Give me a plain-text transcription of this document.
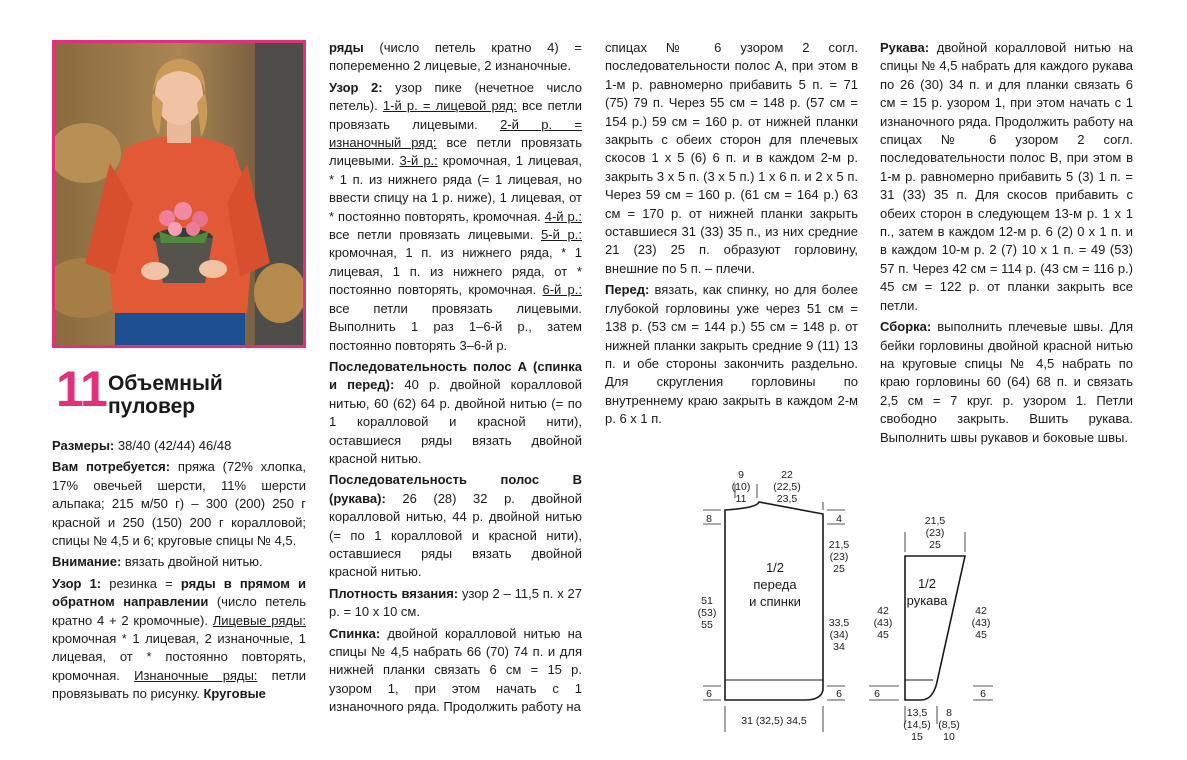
11 Объемный пуловер

Размеры: 38/40 (42/44) 46/48

Вам потребуется: пряжа (72% хлопка, 17% овечьей шерсти, 11% шерсти альпака; 215 м/50 г) – 300 (200) 250 г красной и 250 (150) 200 г коралловой; спицы № 4,5 и 6; круговые спицы № 4,5.

Внимание: вязать двойной нитью.

Узор 1: резинка = ряды в прямом и обратном направлении (число петель кратно 4 + 2 кромочные). Лицевые ряды: кромочная * 1 лицевая, 2 изнаночные, 1 лицевая, от * постоянно повторять, кромочная. Изнаночные ряды: петли провязывать по рисунку. Круговые

ряды (число петель кратно 4) = попеременно 2 лицевые, 2 изнаночные.

Узор 2: узор пике (нечетное число петель). 1-й р. = лицевой ряд: все петли провязать лицевыми. 2-й р. = изнаночный ряд: все петли провязать лицевыми. 3-й р.: кромочная, 1 лицевая, * 1 п. из нижнего ряда (= 1 лицевая, но ввести спицу на 1 р. ниже), 1 лицевая, от * постоянно повторять, кромочная. 4-й р.: все петли провязать лицевыми. 5-й р.: кромочная, 1 п. из нижнего ряда, * 1 лицевая, 1 п. из нижнего ряда, от * постоянно повторять, кромочная. 6-й р.: все петли провязать лицевыми. Выполнить 1 раз 1–6-й р., затем постоянно повторять 3–6-й р.

Последовательность полос А (спинка и перед): 40 р. двойной коралловой нитью, 60 (62) 64 р. двойной нитью (= по 1 коралловой и красной нити), оставшиеся ряды вязать двойной красной нитью.

Последовательность полос В (рукава): 26 (28) 32 р. двойной коралловой нитью, 44 р. двойной нитью (= по 1 коралловой и красной нити), оставшиеся ряды вязать двойной красной нитью.

Плотность вязания: узор 2 – 11,5 п. х 27 р. = 10 х 10 см.

Спинка: двойной коралловой нитью на спицы № 4,5 набрать 66 (70) 74 п. и для нижней планки связать 6 см = 15 р. узором 1, при этом начать с 1 изнаночного ряда. Продолжить работу на

спицах № 6 узором 2 согл. последовательности полос А, при этом в 1-м р. равномерно прибавить 5 п. = 71 (75) 79 п. Через 55 см = 148 р. (57 см = 154 р.) 59 см = 160 р. от нижней планки закрыть с обеих сторон для плечевых скосов 1 х 5 (6) 6 п. и в каждом 2-м р. закрыть 3 х 5 п. (3 х 5 п.) 1 х 6 п. и 2 х 5 п. Через 59 см = 160 р. (61 см = 164 р.) 63 см = 170 р. от нижней планки закрыть оставшиеся 31 (33) 35 п., из них средние 21 (23) 25 п. образуют горловину, внешние по 5 п. – плечи.

Перед: вязать, как спинку, но для более глубокой горловины уже через 51 см = 138 р. (53 см = 144 р.) 55 см = 148 р. от нижней планки закрыть средние 9 (11) 13 п. и обе стороны закончить раздельно. Для скругления горловины по внутреннему краю закрыть в каждом 2-м р. 6 х 1 п.

Рукава: двойной коралловой нитью на спицы № 4,5 набрать для каждого рукава по 26 (30) 34 п. и для планки связать 6 см = 15 р. узором 1, при этом начать с 1 изнаночного ряда. Продолжить работу на спицах № 6 узором 2 согл. последовательности полос В, при этом в 1-м р. равномерно прибавить 5 (3) 1 п. = 31 (33) 35 п. Для скосов прибавить с обеих сторон в следующем 13-м р. 1 х 1 п., затем в каждом 12-м р. 6 (2) 0 х 1 п. и в каждом 10-м р. 2 (7) 10 х 1 п. = 49 (53) 57 п. Через 42 см = 114 р. (43 см = 116 р.) 45 см = 122 р. от планки закрыть все петли.

Сборка: выполнить плечевые швы. Для бейки горловины двойной красной нитью на круговые спицы № 4,5 набрать по краю горловины 60 (64) 68 п. и связать 2,5 см = 7 круг. р. узором 1. Петли свободно закрыть. Вшить рукава. Выполнить швы рукавов и боковые швы.

1/2
переда
и спинки
9
(10)
11
22
(22,5)
23,5
8	4
21,5
(23)
25
51
(53)
55	33,5
(34)
34
6	6
31 (32,5) 34,5
1/2
рукава
21,5
(23)
25
42
(43)
45
42
(43)
45
6	6
13,5
(14,5)
15
8
(8,5)
10
